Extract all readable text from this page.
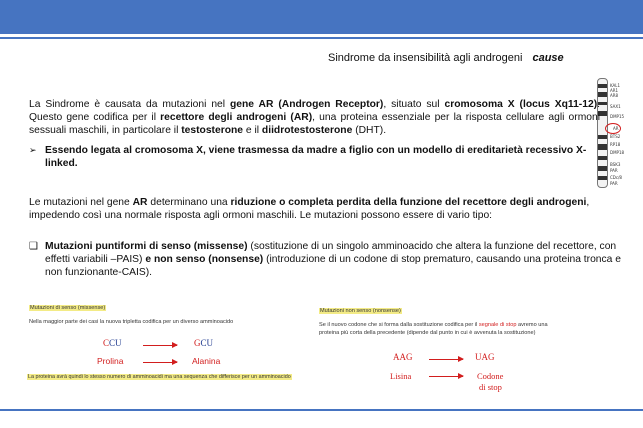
Sindrome da insensibilità agli androgeni cause
KAL1
AR1
AR8
SAX1
DMP15
AR
BTS2
RP18
DMP18
BSK3
PAR
CDc/8
PAR
La Sindrome è causata da mutazioni nel gene AR (Androgen Receptor), situato sul cromosoma X (locus Xq11-12). Questo gene codifica per il recettore degli androgeni (AR), una proteina essenziale per la risposta cellulare agli ormoni sessuali maschili, in particolare il testosterone e il diidrotestosterone (DHT).
➢ Essendo legata al cromosoma X, viene trasmessa da madre a figlio con un modello di ereditarietà recessivo X-linked.
Le mutazioni nel gene AR determinano una riduzione o completa perdita della funzione del recettore degli androgeni, impedendo così una normale risposta agli ormoni maschili. Le mutazioni possono essere di vario tipo:
❑ Mutazioni puntiformi di senso (missense) (sostituzione di un singolo amminoacido che altera la funzione del recettore, con effetti variabili –PAIS) e non senso (nonsense) (introduzione di un codone di stop prematuro, causando una proteina tronca e non funzionante-CAIS).
Mutazioni di senso (missense)
Nella maggior parte dei casi la nuova tripletta codifica per un diverso amminoacido
CCU	GCU
Prolina	Alanina
La proteina avrà quindi lo stesso numero di amminoacidi ma una sequenza che differisce per un amminoacido
Mutazioni non senso (nonsense)
Se il nuovo codone che si forma dalla sostituzione codifica per il segnale di stop avremo una
proteina più corta della precedente (dipende dal punto in cui è avvenuta la sostituzione)
AAG	UAG
Lisina	Codone
di stop
